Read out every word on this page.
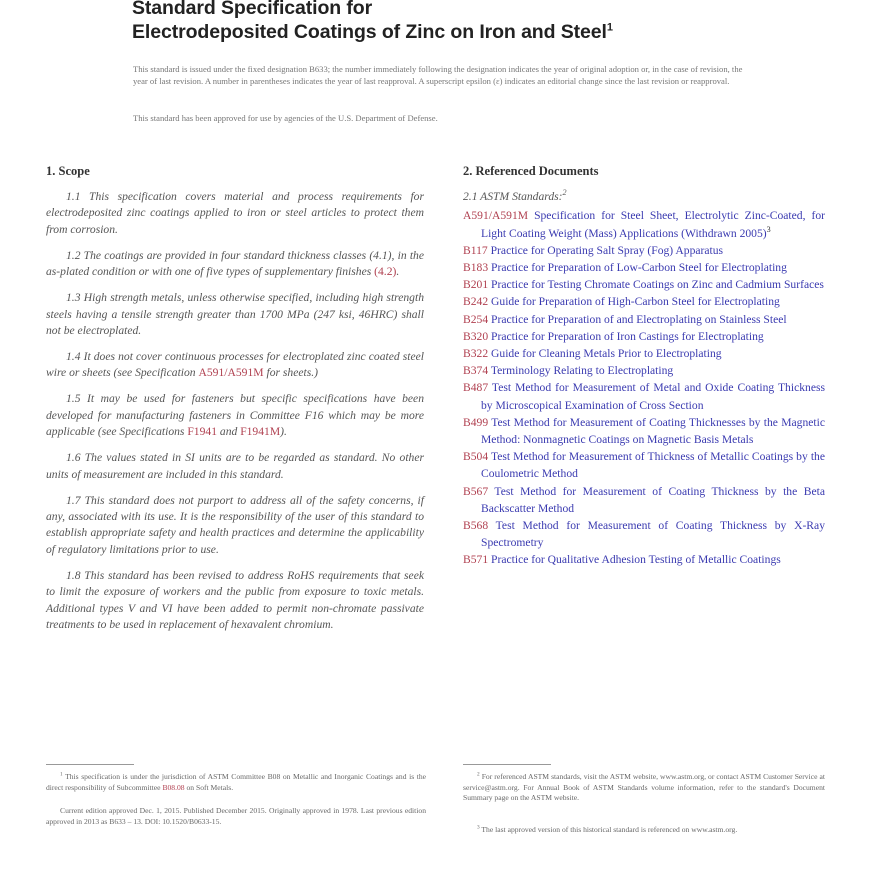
Standard Specification for

Electrodeposited Coatings of Zinc on Iron and Steel$^1$

This standard is issued under the fixed designation B633; the number immediately following the designation indicates the year of original adoption or, in the case of revision, the year of last revision. A number in parentheses indicates the year of last reapproval. A superscript epsilon (ε) indicates an editorial change since the last revision or reapproval.

This standard has been approved for use by agencies of the U.S. Department of Defense.

1. Scope

1.1 This specification covers material and process requirements for electrodeposited zinc coatings applied to iron or steel articles to protect them from corrosion.

1.2 The coatings are provided in four standard thickness classes (4.1), in the as-plated condition or with one of five types of supplementary finishes (4.2).

1.3 High strength metals, unless otherwise specified, including high strength steels having a tensile strength greater than 1700 MPa (247 ksi, 46HRC) shall not be electroplated.

1.4 It does not cover continuous processes for electroplated zinc coated steel wire or sheets (see Specification A591/A591M for sheets.)

1.5 It may be used for fasteners but specific specifications have been developed for manufacturing fasteners in Committee F16 which may be more applicable (see Specifications F1941 and F1941M).

1.6 The values stated in SI units are to be regarded as standard. No other units of measurement are included in this standard.

1.7 This standard does not purport to address all of the safety concerns, if any, associated with its use. It is the responsibility of the user of this standard to establish appropriate safety and health practices and determine the applicability of regulatory limitations prior to use.

1.8 This standard has been revised to address RoHS requirements that seek to limit the exposure of workers and the public from exposure to toxic metals. Additional types V and VI have been added to permit non-chromate passivate treatments to be used in replacement of hexavalent chromium.

2. Referenced Documents

2.1 ASTM Standards:$^2$

A591/A591M Specification for Steel Sheet, Electrolytic Zinc-Coated, for Light Coating Weight (Mass) Applications (Withdrawn 2005)$^3$

B117 Practice for Operating Salt Spray (Fog) Apparatus

B183 Practice for Preparation of Low-Carbon Steel for Electroplating

B201 Practice for Testing Chromate Coatings on Zinc and Cadmium Surfaces

B242 Guide for Preparation of High-Carbon Steel for Electroplating

B254 Practice for Preparation of and Electroplating on Stainless Steel

B320 Practice for Preparation of Iron Castings for Electroplating

B322 Guide for Cleaning Metals Prior to Electroplating

B374 Terminology Relating to Electroplating

B487 Test Method for Measurement of Metal and Oxide Coating Thickness by Microscopical Examination of Cross Section

B499 Test Method for Measurement of Coating Thicknesses by the Magnetic Method: Nonmagnetic Coatings on Magnetic Basis Metals

B504 Test Method for Measurement of Thickness of Metallic Coatings by the Coulometric Method

B567 Test Method for Measurement of Coating Thickness by the Beta Backscatter Method

B568 Test Method for Measurement of Coating Thickness by X-Ray Spectrometry

B571 Practice for Qualitative Adhesion Testing of Metallic Coatings

$^1$ This specification is under the jurisdiction of ASTM Committee B08 on Metallic and Inorganic Coatings and is the direct responsibility of Subcommittee B08.08 on Soft Metals.

Current edition approved Dec. 1, 2015. Published December 2015. Originally approved in 1978. Last previous edition approved in 2013 as B633 – 13. DOI: 10.1520/B0633-15.

$^2$ For referenced ASTM standards, visit the ASTM website, www.astm.org, or contact ASTM Customer Service at service@astm.org. For Annual Book of ASTM Standards volume information, refer to the standard's Document Summary page on the ASTM website.

$^3$ The last approved version of this historical standard is referenced on www.astm.org.
